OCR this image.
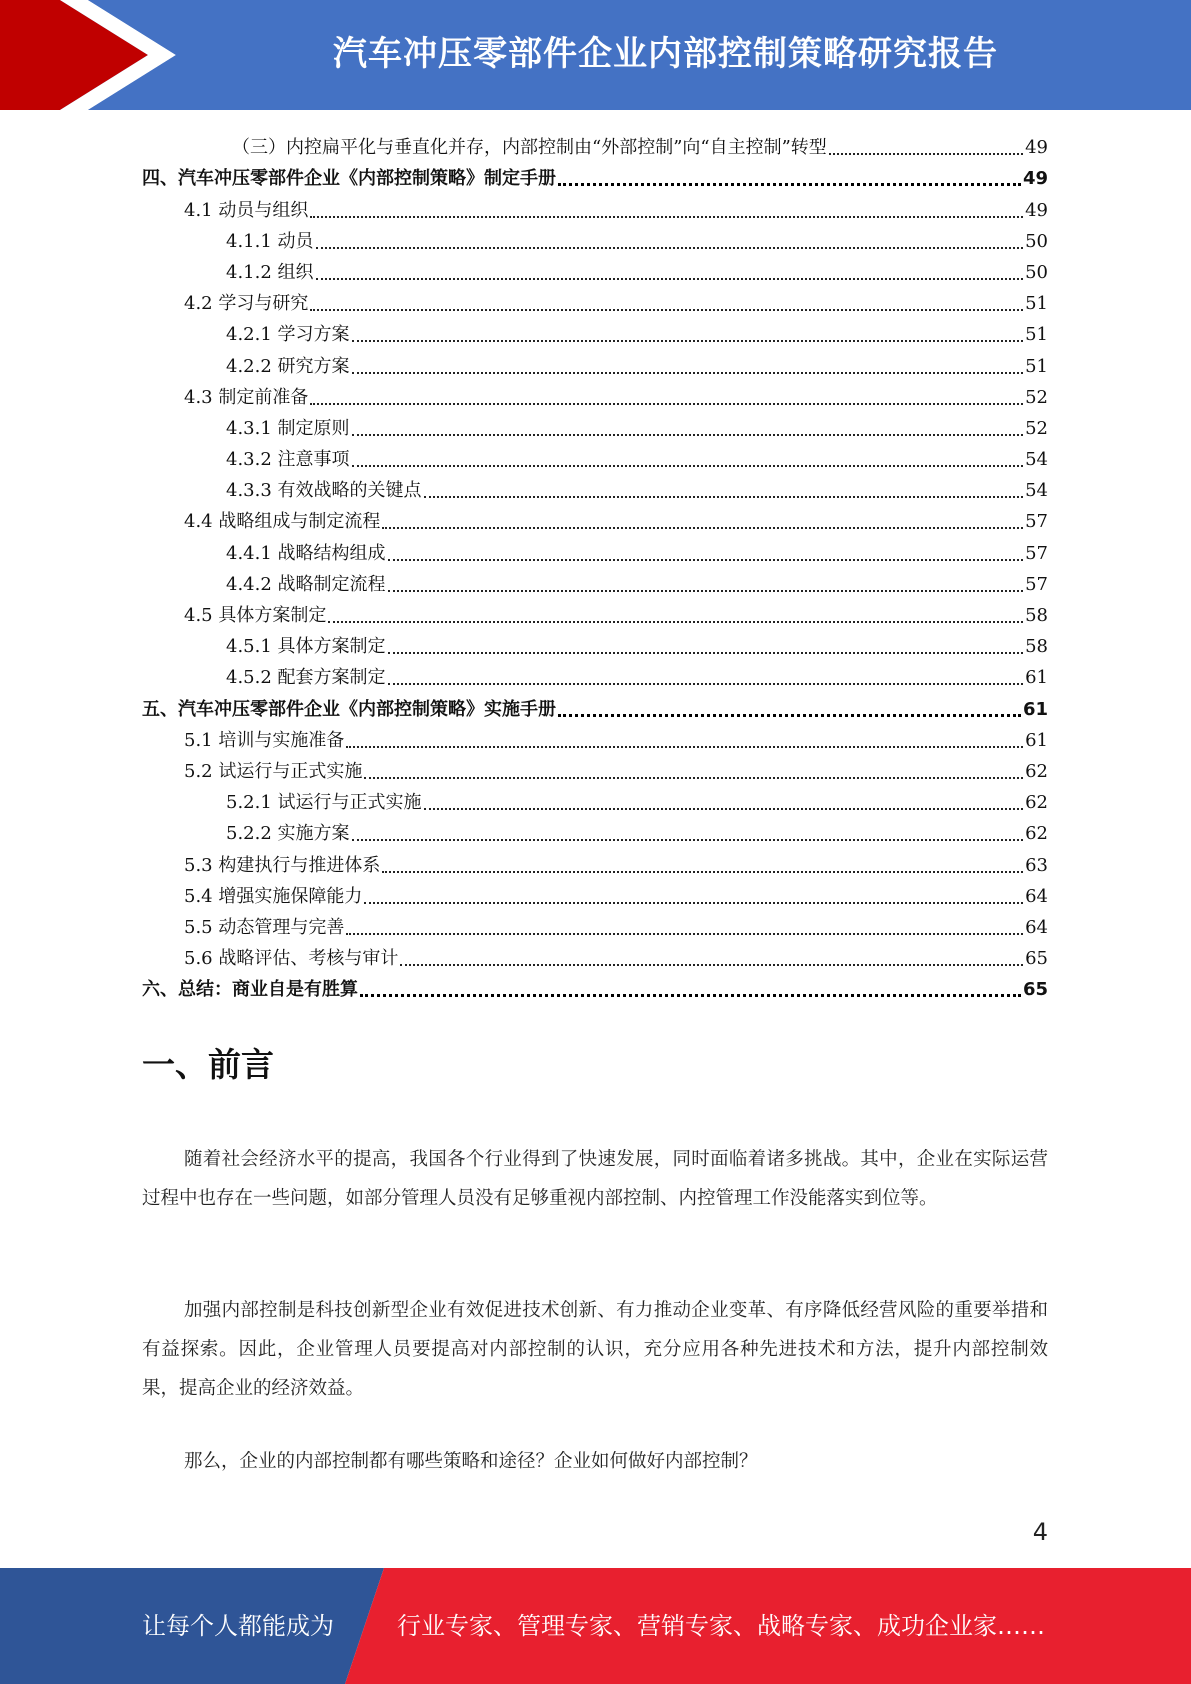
汽车冲压零部件企业内部控制策略研究报告
（三）内控扁平化与垂直化并存，内部控制由“外部控制”向“自主控制”转型	49
四、汽车冲压零部件企业《内部控制策略》制定手册	49
4.1 动员与组织	49
4.1.1 动员	50
4.1.2 组织	50
4.2 学习与研究	51
4.2.1 学习方案	51
4.2.2 研究方案	51
4.3 制定前准备	52
4.3.1 制定原则	52
4.3.2 注意事项	54
4.3.3 有效战略的关键点	54
4.4 战略组成与制定流程	57
4.4.1 战略结构组成	57
4.4.2 战略制定流程	57
4.5 具体方案制定	58
4.5.1 具体方案制定	58
4.5.2 配套方案制定	61
五、汽车冲压零部件企业《内部控制策略》实施手册	61
5.1 培训与实施准备	61
5.2 试运行与正式实施	62
5.2.1 试运行与正式实施	62
5.2.2 实施方案	62
5.3 构建执行与推进体系	63
5.4 增强实施保障能力	64
5.5 动态管理与完善	64
5.6 战略评估、考核与审计	65
六、总结：商业自是有胜算	65
一、前言

随着社会经济水平的提高，我国各个行业得到了快速发展，同时面临着诸多挑战。其中，企业在实际运营过程中也存在一些问题，如部分管理人员没有足够重视内部控制、内控管理工作没能落实到位等。

加强内部控制是科技创新型企业有效促进技术创新、有力推动企业变革、有序降低经营风险的重要举措和有益探索。因此，企业管理人员要提高对内部控制的认识，充分应用各种先进技术和方法，提升内部控制效果，提高企业的经济效益。

那么，企业的内部控制都有哪些策略和途径？企业如何做好内部控制？

4
让每个人都能成为	行业专家、管理专家、营销专家、战略专家、成功企业家……
